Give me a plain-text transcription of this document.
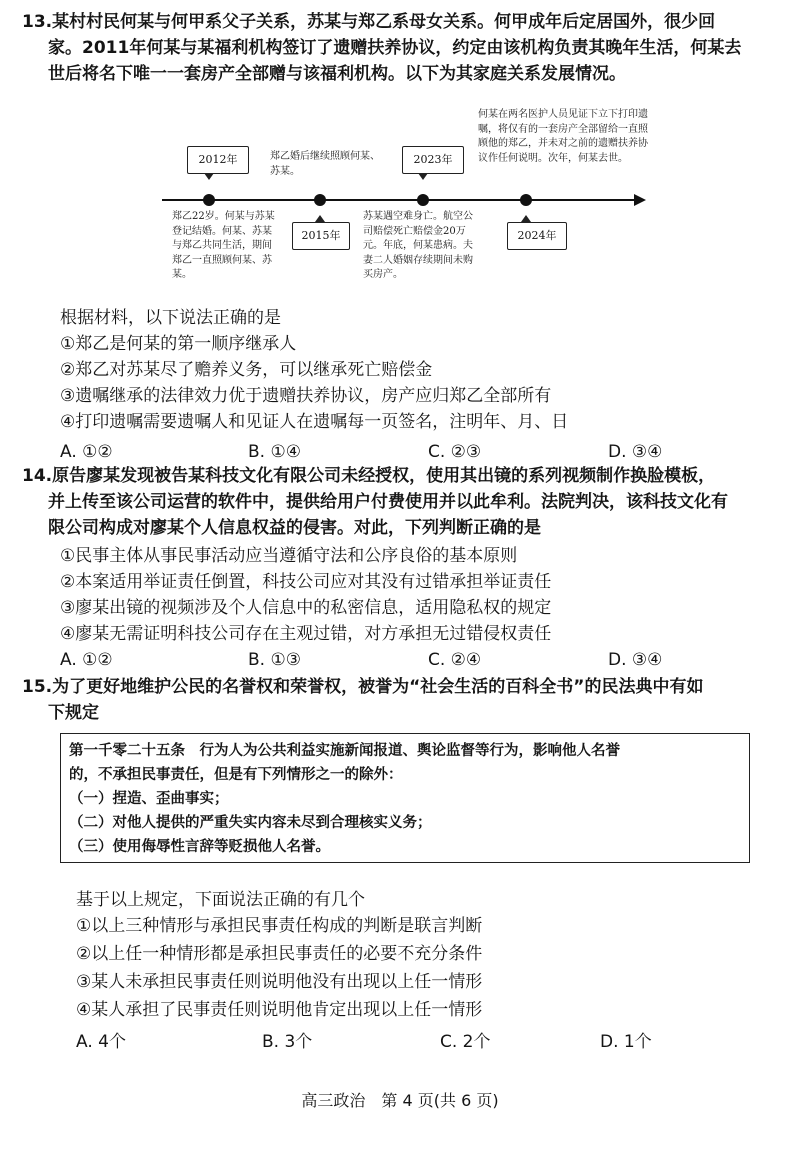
13.某村村民何某与何甲系父子关系，苏某与郑乙系母女关系。何甲成年后定居国外，很少回
家。2011年何某与某福利机构签订了遗赠扶养协议，约定由该机构负责其晚年生活，何某去
世后将名下唯一一套房产全部赠与该福利机构。以下为其家庭关系发展情况。
2012年
郑乙22岁。何某与苏某登记结婚。何某、苏某与郑乙共同生活，期间郑乙一直照顾何某、苏某。
2015年
郑乙婚后继续照顾何某、苏某。
2023年
苏某遇空难身亡。航空公司赔偿死亡赔偿金20万元。年底，何某患病。夫妻二人婚姻存续期间未购买房产。
2024年
何某在两名医护人员见证下立下打印遗嘱，将仅有的一套房产全部留给一直照顾他的郑乙，并未对之前的遗赠扶养协议作任何说明。次年，何某去世。
根据材料，以下说法正确的是
①郑乙是何某的第一顺序继承人
②郑乙对苏某尽了赡养义务，可以继承死亡赔偿金
③遗嘱继承的法律效力优于遗赠扶养协议，房产应归郑乙全部所有
④打印遗嘱需要遗嘱人和见证人在遗嘱每一页签名，注明年、月、日
A. ①②	B. ①④	C. ②③	D. ③④
14.原告廖某发现被告某科技文化有限公司未经授权，使用其出镜的系列视频制作换脸模板，
并上传至该公司运营的软件中，提供给用户付费使用并以此牟利。法院判决，该科技文化有
限公司构成对廖某个人信息权益的侵害。对此，下列判断正确的是
①民事主体从事民事活动应当遵循守法和公序良俗的基本原则
②本案适用举证责任倒置，科技公司应对其没有过错承担举证责任
③廖某出镜的视频涉及个人信息中的私密信息，适用隐私权的规定
④廖某无需证明科技公司存在主观过错，对方承担无过错侵权责任
A. ①②	B. ①③	C. ②④	D. ③④
15.为了更好地维护公民的名誉权和荣誉权，被誉为“社会生活的百科全书”的民法典中有如
下规定
第一千零二十五条　行为人为公共利益实施新闻报道、舆论监督等行为，影响他人名誉
的，不承担民事责任，但是有下列情形之一的除外：
（一）捏造、歪曲事实；
（二）对他人提供的严重失实内容未尽到合理核实义务；
（三）使用侮辱性言辞等贬损他人名誉。
基于以上规定，下面说法正确的有几个
①以上三种情形与承担民事责任构成的判断是联言判断
②以上任一种情形都是承担民事责任的必要不充分条件
③某人未承担民事责任则说明他没有出现以上任一情形
④某人承担了民事责任则说明他肯定出现以上任一情形
A. 4个	B. 3个	C. 2个	D. 1个
高三政治　第 4 页(共 6 页)
